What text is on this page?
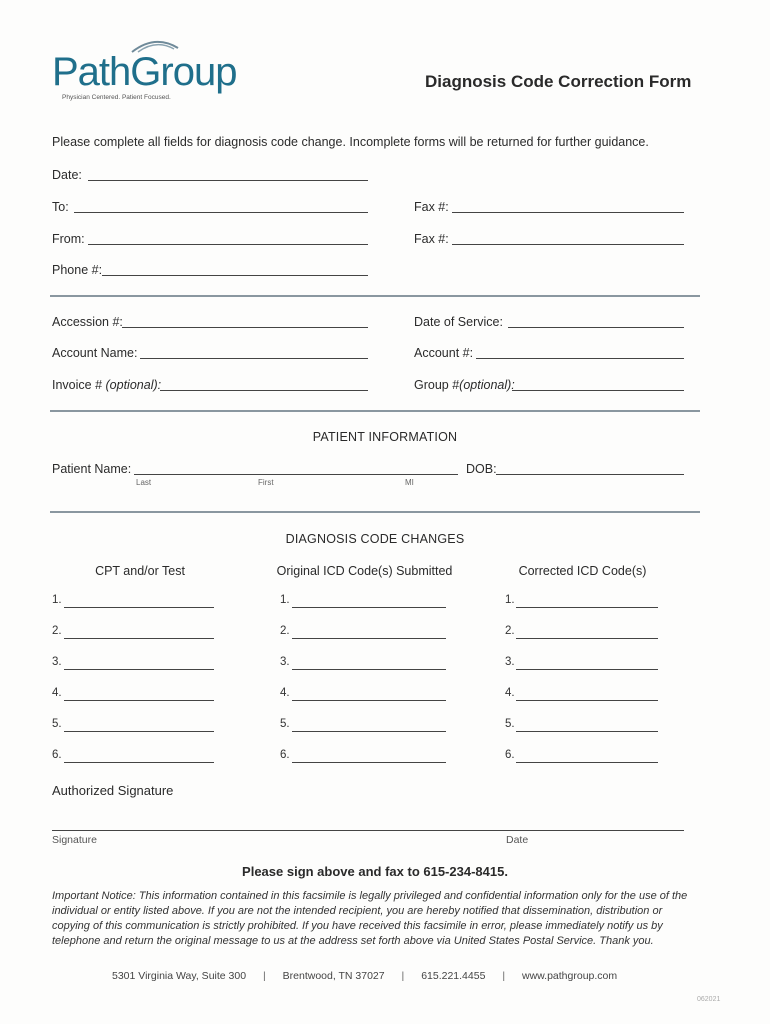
PathGroup
Physician Centered. Patient Focused.
Diagnosis Code Correction Form
Please complete all fields for diagnosis code change. Incomplete forms will be returned for further guidance.
Date:
To:	Fax #:
From:	Fax #:
Phone #:
Accession #:	Date of Service:
Account Name:	Account #:
Invoice # (optional):	Group #(optional):
PATIENT INFORMATION
Patient Name:
Last	First	MI
DOB:
DIAGNOSIS CODE CHANGES
CPT and/or Test	Original ICD Code(s) Submitted	Corrected ICD Code(s)
1.	1.	1.
2.	2.	2.
3.	3.	3.
4.	4.	4.
5.	5.	5.
6.	6.	6.
Authorized Signature
Signature	Date
Please sign above and fax to 615-234-8415.
Important Notice: This information contained in this facsimile is legally privileged and confidential information only for the use of the individual or entity listed above. If you are not the intended recipient, you are hereby notified that dissemination, distribution or copying of this communication is strictly prohibited. If you have received this facsimile in error, please immediately notify us by telephone and return the original message to us at the address set forth above via United States Postal Service. Thank you.
5301 Virginia Way, Suite 300 | Brentwood, TN 37027 | 615.221.4455 | www.pathgroup.com
062021
